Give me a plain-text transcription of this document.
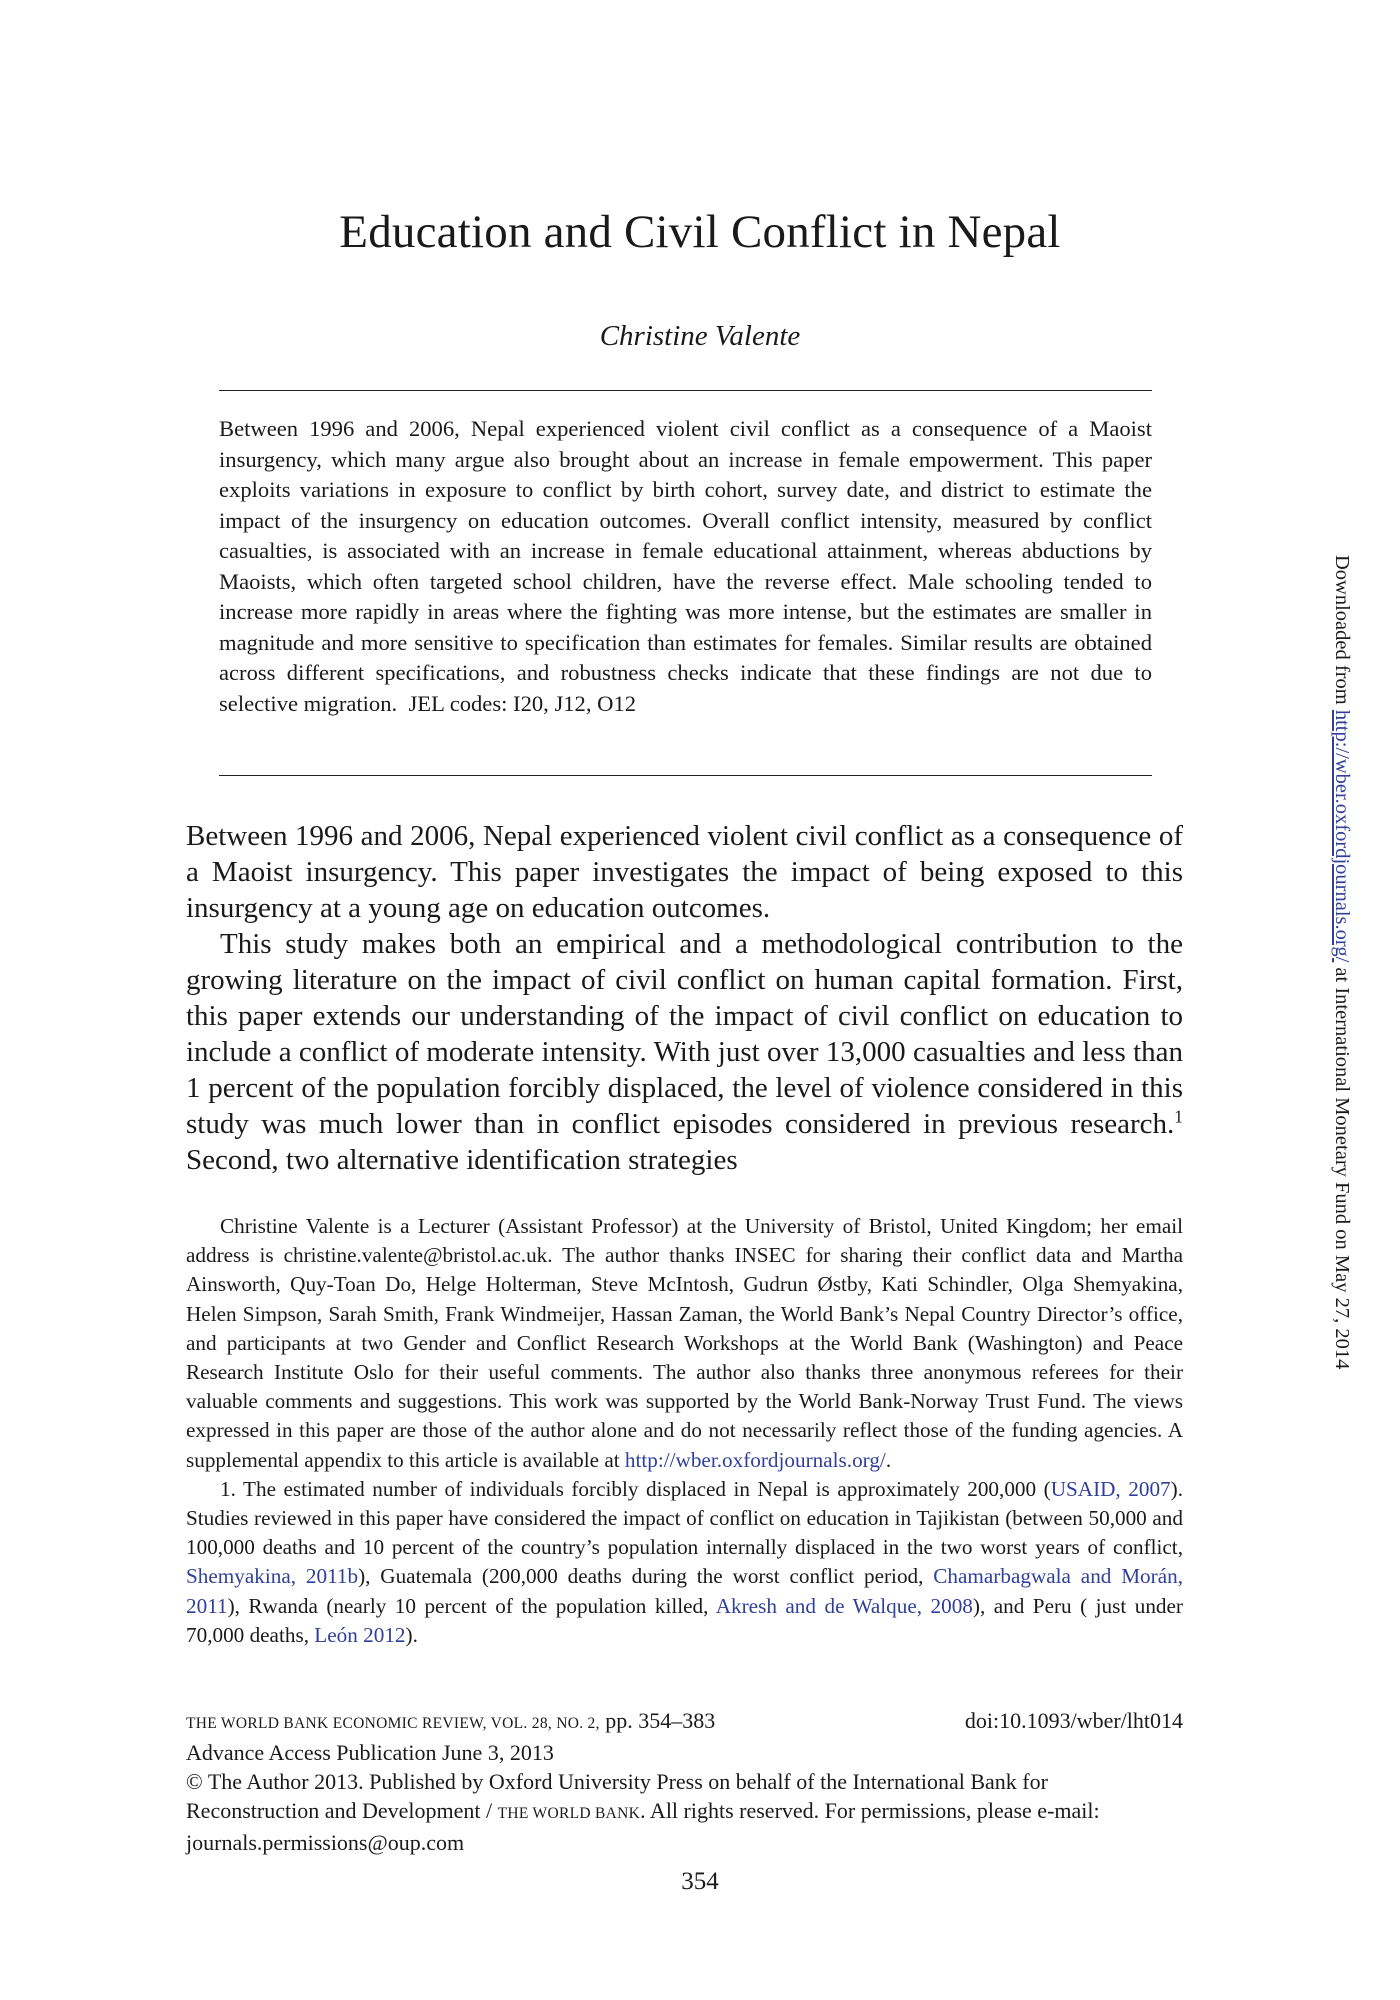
Education and Civil Conflict in Nepal
Christine Valente
Between 1996 and 2006, Nepal experienced violent civil conflict as a consequence of a Maoist insurgency, which many argue also brought about an increase in female empowerment. This paper exploits variations in exposure to conflict by birth cohort, survey date, and district to estimate the impact of the insurgency on education outcomes. Overall conflict intensity, measured by conflict casualties, is associated with an increase in female educational attainment, whereas abductions by Maoists, which often targeted school children, have the reverse effect. Male schooling tended to increase more rapidly in areas where the fighting was more intense, but the estimates are smaller in magnitude and more sensitive to specification than estimates for females. Similar results are obtained across different specifications, and robustness checks indicate that these findings are not due to selective migration.  JEL codes: I20, J12, O12

Between 1996 and 2006, Nepal experienced violent civil conflict as a consequence of a Maoist insurgency. This paper investigates the impact of being exposed to this insurgency at a young age on education outcomes.

This study makes both an empirical and a methodological contribution to the growing literature on the impact of civil conflict on human capital formation. First, this paper extends our understanding of the impact of civil conflict on education to include a conflict of moderate intensity. With just over 13,000 casualties and less than 1 percent of the population forcibly displaced, the level of violence considered in this study was much lower than in conflict episodes considered in previous research.$^1$ Second, two alternative identification strategies

Christine Valente is a Lecturer (Assistant Professor) at the University of Bristol, United Kingdom; her email address is christine.valente@bristol.ac.uk. The author thanks INSEC for sharing their conflict data and Martha Ainsworth, Quy-Toan Do, Helge Holterman, Steve McIntosh, Gudrun Østby, Kati Schindler, Olga Shemyakina, Helen Simpson, Sarah Smith, Frank Windmeijer, Hassan Zaman, the World Bank’s Nepal Country Director’s office, and participants at two Gender and Conflict Research Workshops at the World Bank (Washington) and Peace Research Institute Oslo for their useful comments. The author also thanks three anonymous referees for their valuable comments and suggestions. This work was supported by the World Bank-Norway Trust Fund. The views expressed in this paper are those of the author alone and do not necessarily reflect those of the funding agencies. A supplemental appendix to this article is available at http://wber.oxfordjournals.org/.

1. The estimated number of individuals forcibly displaced in Nepal is approximately 200,000 (USAID, 2007). Studies reviewed in this paper have considered the impact of conflict on education in Tajikistan (between 50,000 and 100,000 deaths and 10 percent of the country’s population internally displaced in the two worst years of conflict, Shemyakina, 2011b), Guatemala (200,000 deaths during the worst conflict period, Chamarbagwala and Morán, 2011), Rwanda (nearly 10 percent of the population killed, Akresh and de Walque, 2008), and Peru ( just under 70,000 deaths, León 2012).

THE WORLD BANK ECONOMIC REVIEW, VOL. 28, NO. 2, pp. 354–383	doi:10.1093/wber/lht014
Advance Access Publication June 3, 2013
© The Author 2013. Published by Oxford University Press on behalf of the International Bank for Reconstruction and Development / THE WORLD BANK. All rights reserved. For permissions, please e-mail: journals.permissions@oup.com
354
Downloaded from http://wber.oxfordjournals.org/ at International Monetary Fund on May 27, 2014
